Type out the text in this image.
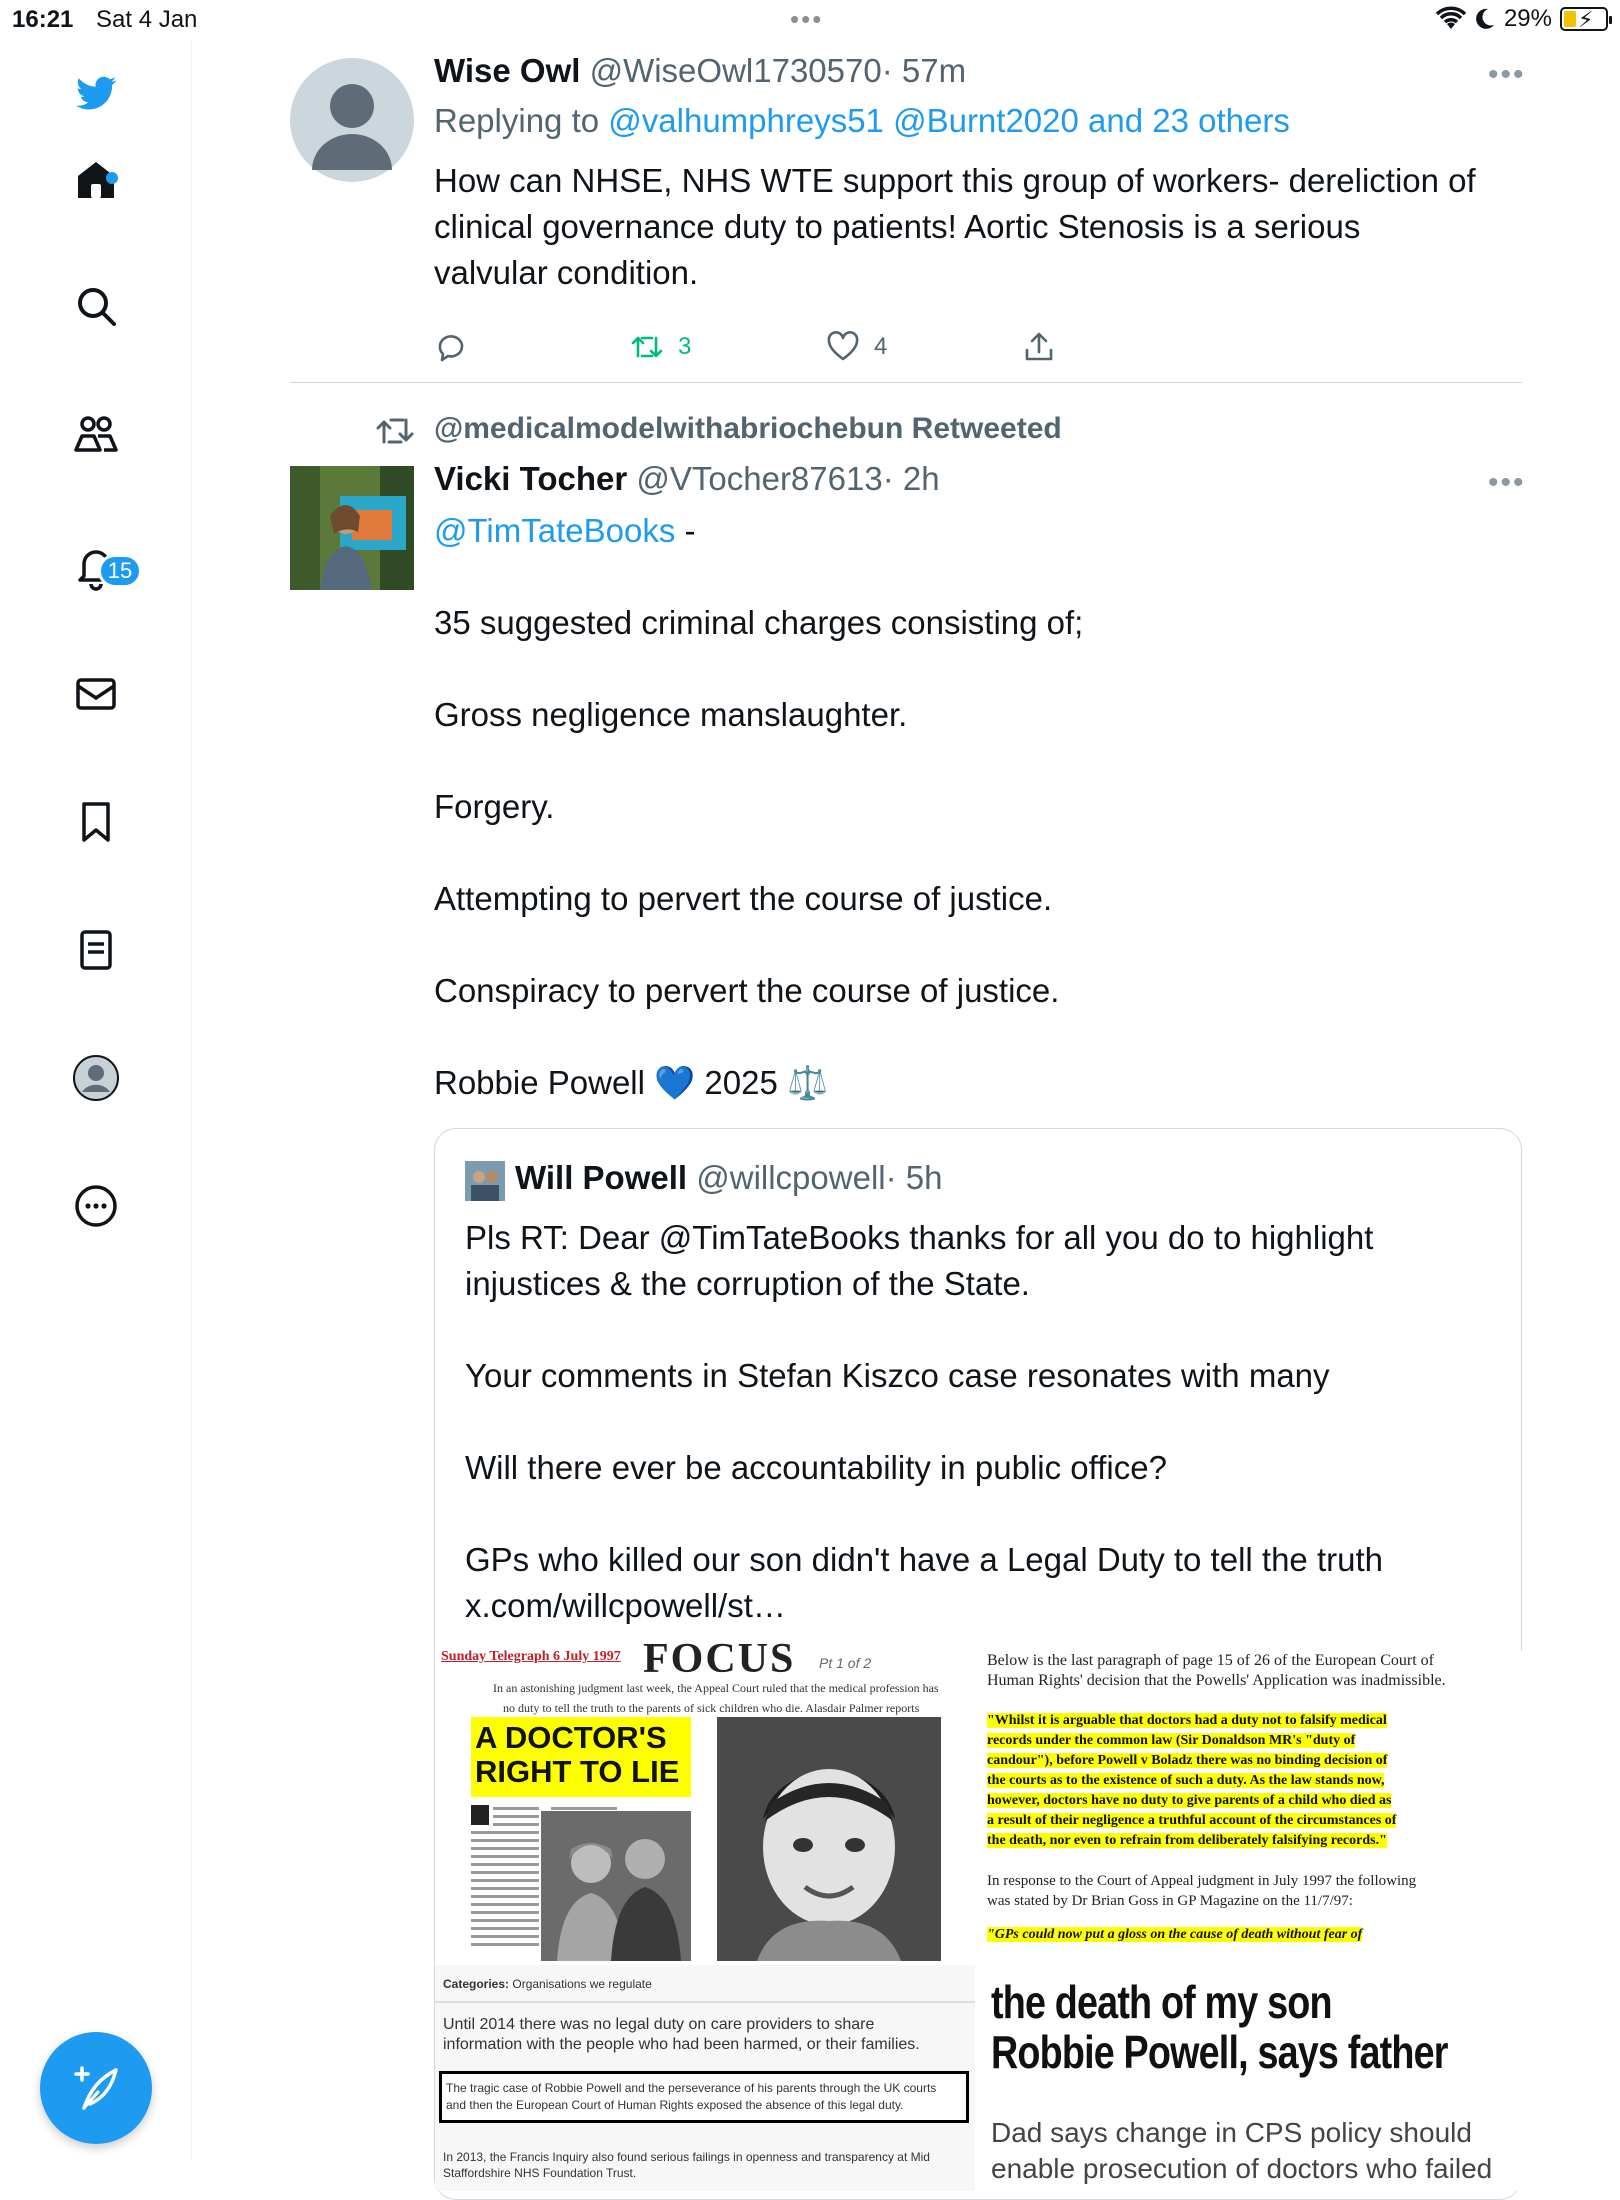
16:21 Sat 4 Jan	•••	29% ⚡
15
Wise Owl @WiseOwl1730570· 57m	•••
Replying to @valhumphreys51 @Burnt2020 and 23 others
How can NHSE, NHS WTE support this group of workers- dereliction of
clinical governance duty to patients! Aortic Stenosis is a serious
valvular condition.
3	4
@medicalmodelwithabriochebun Retweeted
Vicki Tocher @VTocher87613· 2h	•••
@TimTateBooks -
35 suggested criminal charges consisting of;
Gross negligence manslaughter.
Forgery.
Attempting to pervert the course of justice.
Conspiracy to pervert the course of justice.
Robbie Powell 💙 2025 ⚖️
Will Powell @willcpowell· 5h
Pls RT: Dear @TimTateBooks thanks for all you do to highlight
injustices & the corruption of the State.
Your comments in Stefan Kiszco case resonates with many
Will there ever be accountability in public office?
GPs who killed our son didn't have a Legal Duty to tell the truth
x.com/willcpowell/st…
Sunday Telegraph 6 July 1997 FOCUS Pt 1 of 2
In an astonishing judgment last week, the Appeal Court ruled that the medical profession has
no duty to tell the truth to the parents of sick children who die. Alasdair Palmer reports
A DOCTOR'S
RIGHT TO LIE
Below is the last paragraph of page 15 of 26 of the European Court of
Human Rights' decision that the Powells' Application was inadmissible.
"Whilst it is arguable that doctors had a duty not to falsify medical
records under the common law (Sir Donaldson MR's "duty of
candour"), before Powell v Boladz there was no binding decision of
the courts as to the existence of such a duty. As the law stands now,
however, doctors have no duty to give parents of a child who died as
a result of their negligence a truthful account of the circumstances of
the death, nor even to refrain from deliberately falsifying records."
In response to the Court of Appeal judgment in July 1997 the following
was stated by Dr Brian Goss in GP Magazine on the 11/7/97:
"GPs could now put a gloss on the cause of death without fear of
Categories: Organisations we regulate
Until 2014 there was no legal duty on care providers to share
information with the people who had been harmed, or their families.
The tragic case of Robbie Powell and the perseverance of his parents through the UK courts
and then the European Court of Human Rights exposed the absence of this legal duty.
In 2013, the Francis Inquiry also found serious failings in openness and transparency at Mid
Staffordshire NHS Foundation Trust.
the death of my son
Robbie Powell, says father
Dad says change in CPS policy should
enable prosecution of doctors who failed
